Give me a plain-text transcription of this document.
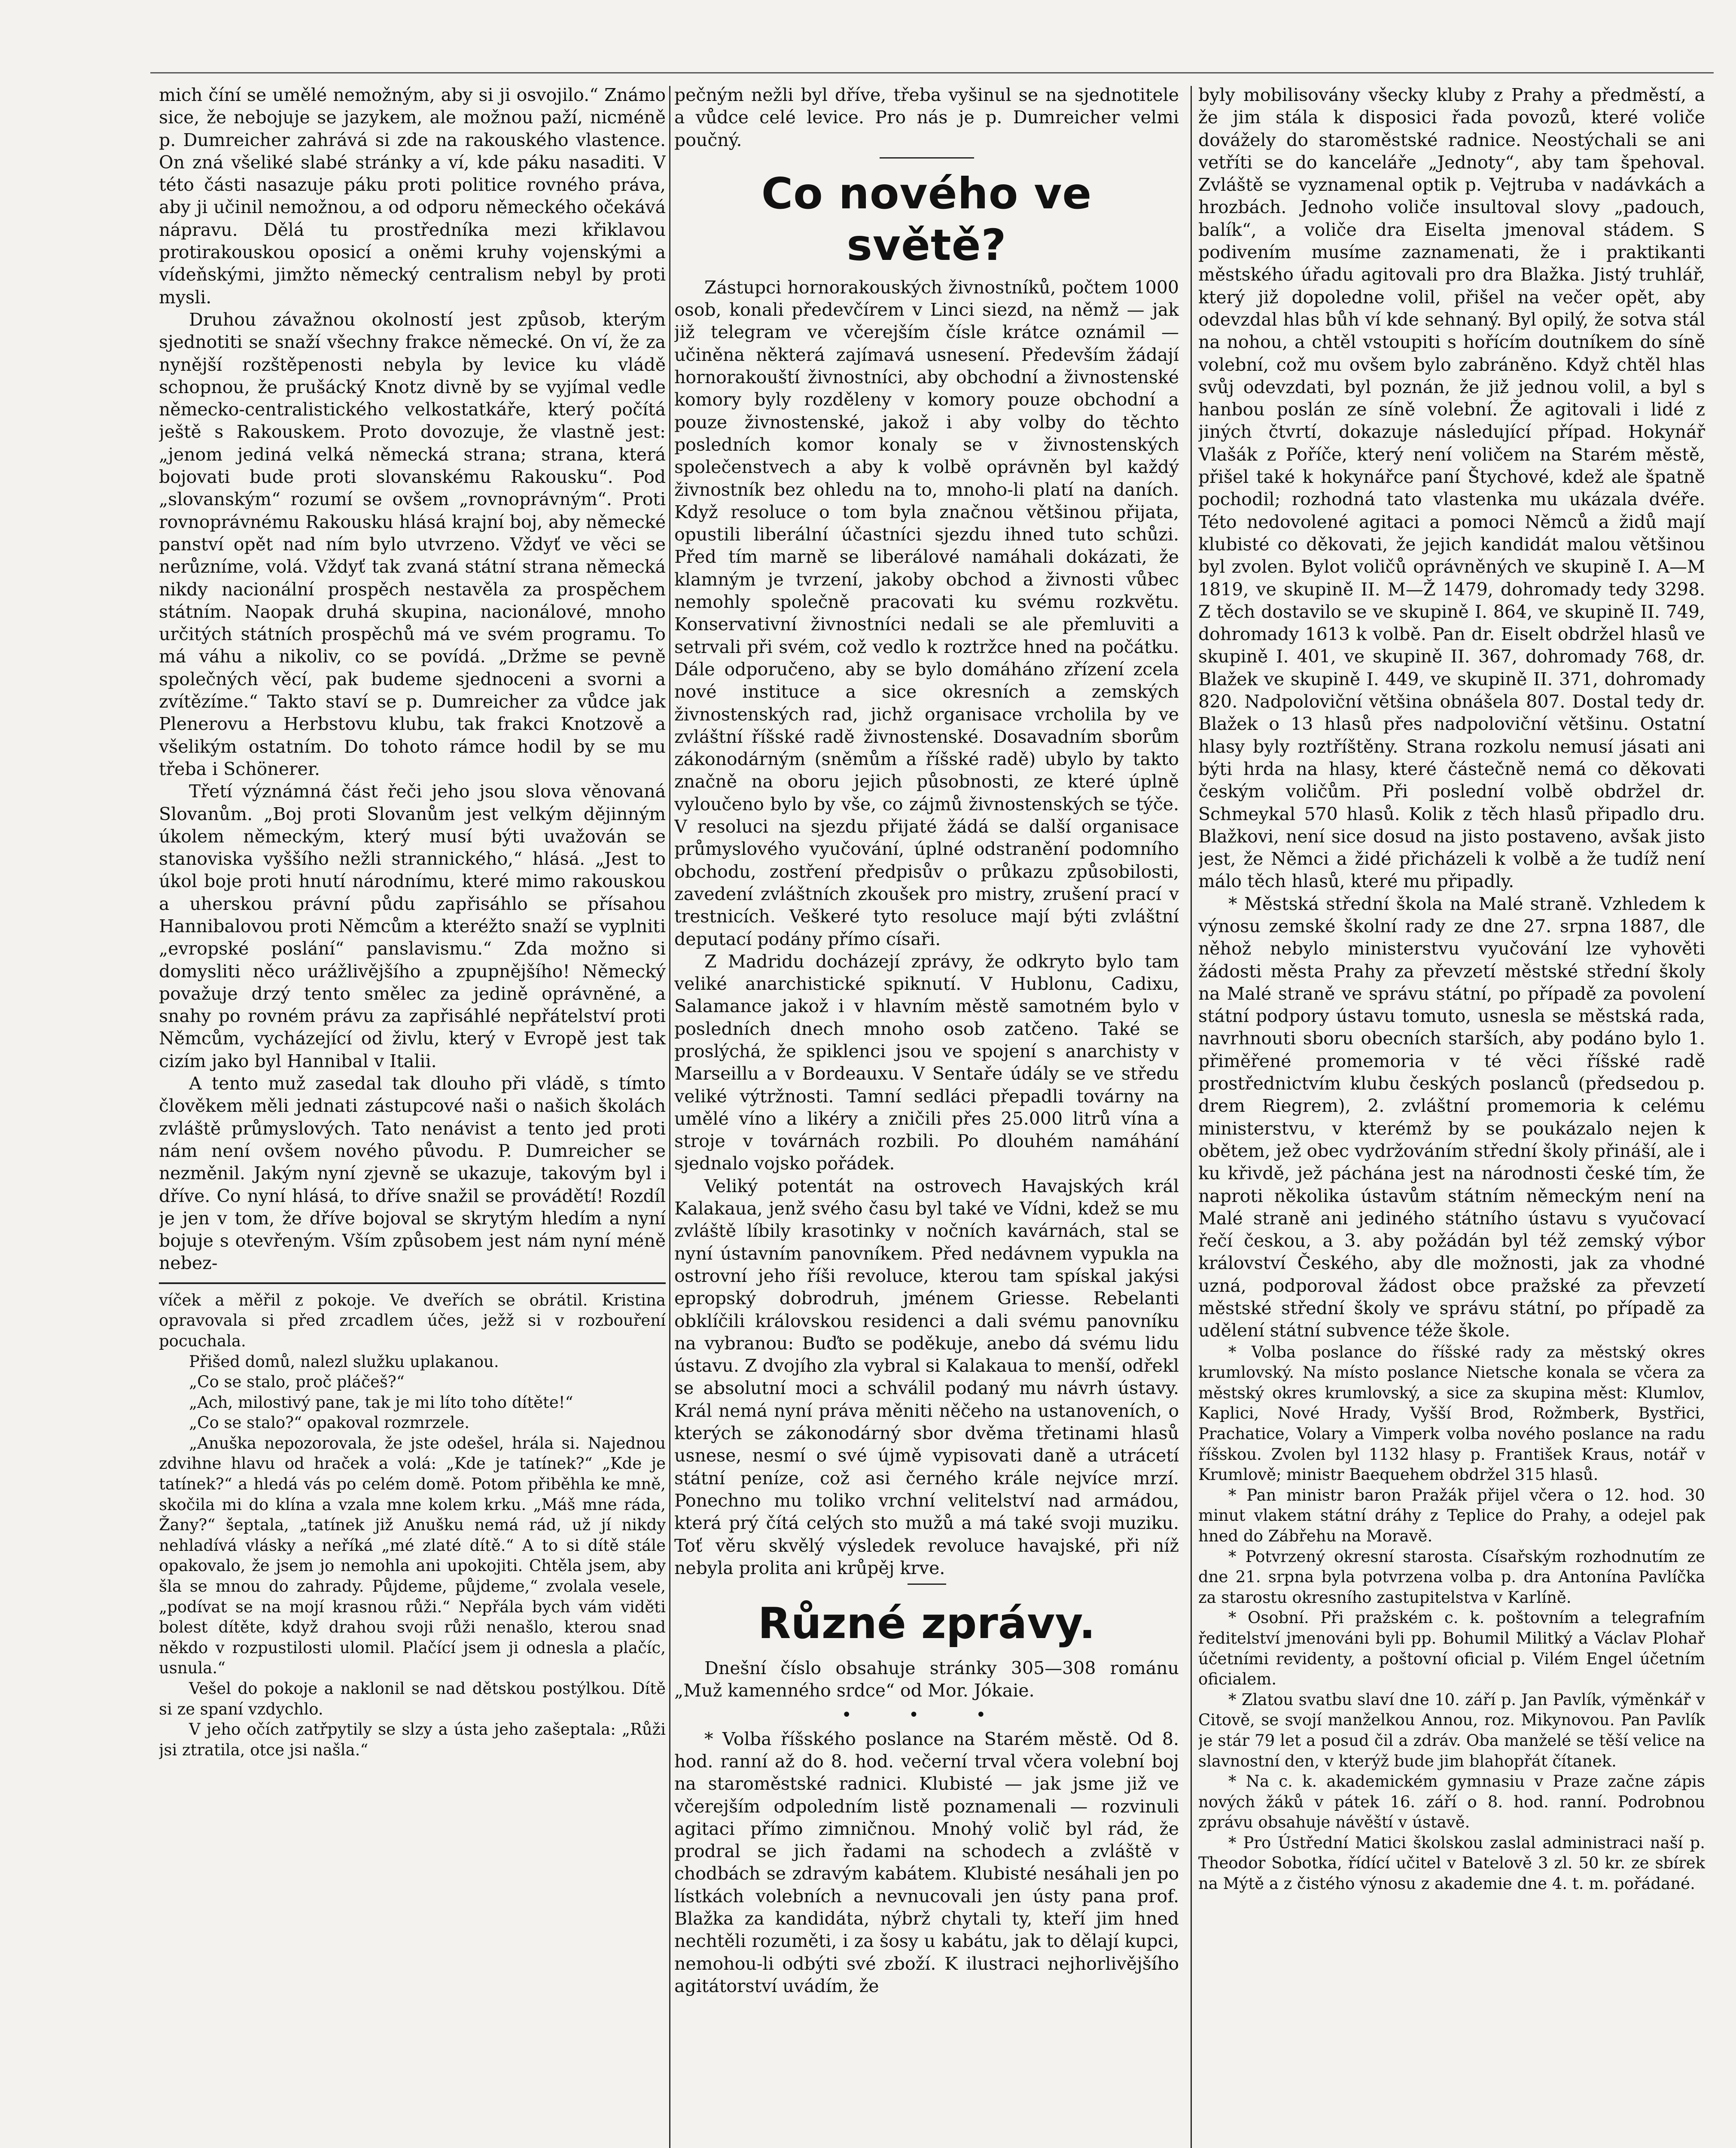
mich číní se umělé nemožným, aby si ji osvojilo.“ Známo sice, že nebojuje se jazykem, ale možnou paží, nicméně p. Dumreicher zahrává si zde na rakouského vlastence. On zná všeliké slabé stránky a ví, kde páku nasaditi. V této části nasazuje páku proti politice rovného práva, aby ji učinil nemožnou, a od odporu německého očekává nápravu. Dělá tu prostředníka mezi křiklavou protirakouskou oposicí a oněmi kruhy vojenskými a vídeňskými, jimžto německý centralism nebyl by proti mysli.

Druhou závažnou okolností jest způsob, kterým sjednotiti se snaží všechny frakce německé. On ví, že za nynější rozštěpenosti nebyla by levice ku vládě schopnou, že prušácký Knotz divně by se vyjímal vedle německo-centralistického velkostatkáře, který počítá ještě s Rakouskem. Proto dovozuje, že vlastně jest: „jenom jediná velká německá strana; strana, která bojovati bude proti slovanskému Rakousku“. Pod „slovanským“ rozumí se ovšem „rovnoprávným“. Proti rovnoprávnému Rakousku hlásá krajní boj, aby německé panství opět nad ním bylo utvrzeno. Vždyť ve věci se nerůzníme, volá. Vždyť tak zvaná státní strana německá nikdy nacionální prospěch nestavěla za prospěchem státním. Naopak druhá skupina, nacionálové, mnoho určitých státních prospěchů má ve svém programu. To má váhu a nikoliv, co se povídá. „Držme se pevně společných věcí, pak budeme sjednoceni a svorni a zvítězíme.“ Takto staví se p. Dumreicher za vůdce jak Plenerovu a Herbstovu klubu, tak frakci Knotzově a všelikým ostatním. Do tohoto rámce hodil by se mu třeba i Schönerer.

Třetí význámná část řeči jeho jsou slova věnovaná Slovanům. „Boj proti Slovanům jest velkým dějinným úkolem německým, který musí býti uvažován se stanoviska vyššího nežli strannického,“ hlásá. „Jest to úkol boje proti hnutí národnímu, které mimo rakouskou a uherskou právní půdu zapřisáhlo se přísahou Hannibalovou proti Němcům a kteréžto snaží se vyplniti „evropské poslání“ panslavismu.“ Zda možno si domysliti něco urážlivějšího a zpupnějšího! Německý považuje drzý tento směleс za jedině oprávněné, a snahy po rovném právu za zapřisáhlé nepřátelství proti Němcům, vycházející od živlu, který v Evropě jest tak cizím jako byl Hannibal v Italii.

A tento muž zasedal tak dlouho při vládě, s tímto člověkem měli jednati zástupcové naši o našich školách zvláště průmyslových. Tato nenávist a tento jed proti nám není ovšem nového původu. P. Dumreicher se nezměnil. Jakým nyní zjevně se ukazuje, takovým byl i dříve. Co nyní hlásá, to dříve snažil se provádětí! Rozdíl je jen v tom, že dříve bojoval se skrytým hledím a nyní bojuje s otevřeným. Vším způsobem jest nám nyní méně nebez-

víček a měřil z pokoje. Ve dveřích se obrátil. Kristina opravovala si před zrcadlem účes, ježž si v rozbouření pocuchala.

Přišed domů, nalezl služku uplakanou.

„Co se stalo, proč pláčeš?“

„Ach, milostivý pane, tak je mi líto toho dítěte!“

„Co se stalo?“ opakoval rozmrzele.

„Anuška nepozorovala, že jste odešel, hrála si. Najednou zdvihne hlavu od hraček a volá: „Kde je tatínek?“ „Kde je tatínek?“ a hledá vás po celém domě. Potom přiběhla ke mně, skočila mi do klína a vzala mne kolem krku. „Máš mne ráda, Žany?“ šeptala, „tatínek již Anušku nemá rád, už jí nikdy nehladívá vlásky a neříká „mé zlaté dítě.“ A to si dítě stále opakovalo, že jsem jo nemohla ani upokojiti. Chtěla jsem, aby šla se mnou do zahrady. Půjdeme, půjdeme,“ zvolala vesele, „podívat se na mojí krasnou růži.“ Nepřála bych vám viděti bolest dítěte, když drahou svoji růži nenašlo, kterou snad někdo v rozpustilosti ulomil. Plačící jsem ji odnesla a plačíc, usnula.“

Vešel do pokoje a naklonil se nad dětskou postýlkou. Dítě si ze spaní vzdychlo.

V jeho očích zatřpytily se slzy a ústa jeho zašeptala: „Růži jsi ztratila, otce jsi našla.“

pečným nežli byl dříve, třeba vyšinul se na sjednotitele a vůdce celé levice. Pro nás je p. Dumreicher velmi poučný.

Co nového ve světě?

Zástupci hornorakouských živnostníků, počtem 1000 osob, konali předevčírem v Linci siezd, na němž — jak již telegram ve včerejším čísle krátce oznámil — učiněna některá zajímavá usnesení. Především žádají hornorakouští živnostníci, aby obchodní a živnostenské komory byly rozděleny v komory pouze obchodní a pouze živnostenské, jakož i aby volby do těchto posledních komor konaly se v živnostenských společenstvech a aby k volbě oprávněn byl každý živnostník bez ohledu na to, mnoho-li platí na daních. Když resoluce o tom byla značnou většinou přijata, opustili liberální účastníci sjezdu ihned tuto schůzi. Před tím marně se liberálové namáhali dokázati, že klamným je tvrzení, jakoby obchod a živnosti vůbec nemohly společně pracovati ku svému rozkvětu. Konservativní živnostníci nedali se ale přemluviti a setrvali při svém, což vedlo k roztržce hned na počátku. Dále odporučeno, aby se bylo domáháno zřízení zcela nové instituce a sice okresních a zemských živnostenských rad, jichž organisace vrcholila by ve zvláštní říšské radě živnostenské. Dosavadním sborům zákonodárným (sněmům a říšské radě) ubylo by takto značně na oboru jejich působnosti, ze které úplně vyloučeno bylo by vše, co zájmů živnostenských se týče. V resoluci na sjezdu přijaté žádá se další organisace průmyslového vyučování, úplné odstranění podomního obchodu, zostření předpisův o průkazu způsobilosti, zavedení zvláštních zkoušek pro mistry, zrušení prací v trestnicích. Veškeré tyto resoluce mají býti zvláštní deputací podány přímo císaři.

Z Madridu docházejí zprávy, že odkryto bylo tam veliké anarchistické spiknutí. V Hublonu, Cadixu, Salamance jakož i v hlavním městě samotném bylo v posledních dnech mnoho osob zatčeno. Také se proslýchá, že spiklenci jsou ve spojení s anarchisty v Marseillu a v Bordeauxu. V Sentaře údály se ve středu veliké výtržnosti. Tamní sedláci přepadli továrny na umělé víno a likéry a zničili přes 25.000 litrů vína a stroje v továrnách rozbili. Po dlouhém namáhání sjednalo vojsko pořádek.

Veliký potentát na ostrovech Havajských král Kalakaua, jenž svého času byl také ve Vídni, kdež se mu zvláště líbily krasotinky v nočních kavárnách, stal se nyní ústavním panovníkem. Před nedávnem vypukla na ostrovní jeho říši revoluce, kterou tam spískal jakýsi epropský dobrodruh, jménem Griesse. Rebelanti obklíčili královskou residenci a dali svému panovníku na vybranou: Buďto se poděkuje, anebo dá svému lidu ústavu. Z dvojího zla vybral si Kalakaua to menší, odřekl se absolutní moci a schválil podaný mu návrh ústavy. Král nemá nyní práva měniti něčeho na ustanoveních, o kterých se zákonodárný sbor dvěma třetinami hlasů usnese, nesmí o své újmě vypisovati daně a utrácetí státní peníze, což asi černého krále nejvíce mrzí. Ponechno mu toliko vrchní velitelství nad armádou, která prý čítá celých sto mužů a má také svoji muziku. Toť věru skvělý výsledek revoluce havajské, při níž nebyla prolita ani krůpěj krve.

Různé zprávy.

Dnešní číslo obsahuje stránky 305—308 románu „Muž kamenného srdce“ od Mor. Jókaie.

• • •

* Volba říšského poslance na Starém městě. Od 8. hod. ranní až do 8. hod. večerní trval včera volební boj na staroměstské radnici. Klubisté — jak jsme již ve včerejším odpoledním listě poznamenali — rozvinuli agitaci přímo zimničnou. Mnohý volič byl rád, že prodral se jich řadami na schodech a zvláště v chodbách se zdravým kabátem. Klubisté nesáhali jen po lístkách volebních a nevnucovali jen ústy pana prof. Blažka za kandidáta, nýbrž chytali ty, kteří jim hned nechtěli rozuměti, i za šosy u kabátu, jak to dělají kupci, nemohou-li odbýti své zboží. K ilustraci nejhorlivějšího agitátorství uvádím, že

byly mobilisovány všecky kluby z Prahy a předměstí, a že jim stála k disposici řada povozů, které voliče dovážely do staroměstské radnice. Neostýchali se ani vetříti se do kanceláře „Jednoty“, aby tam špehoval. Zvláště se vyznamenal optik p. Vejtruba v nadávkách a hrozbách. Jednoho voliče insultoval slovy „padouch, balík“, a voliče dra Eiselta jmenoval stádem. S podivením musíme zaznamenati, že i praktikanti městského úřadu agitovali pro dra Blažka. Jistý truhlář, který již dopoledne volil, přišel na večer opět, aby odevzdal hlas bůh ví kde sehnaný. Byl opilý, že sotva stál na nohou, a chtěl vstoupiti s hořícím doutníkem do síně volební, což mu ovšem bylo zabráněno. Když chtěl hlas svůj odevzdati, byl poznán, že již jednou volil, a byl s hanbou poslán ze síně volební. Že agitovali i lidé z jiných čtvrtí, dokazuje následující případ. Hokynář Vlašák z Poříče, který není voličem na Starém městě, přišel také k hokynářce paní Štychové, kdež ale špatně pochodil; rozhodná tato vlastenka mu ukázala dvéře. Této nedovolené agitaci a pomoci Němců a židů mají klubisté co děkovati, že jejich kandidát malou většinou byl zvolen. Bylot voličů oprávněných ve skupině I. A—M 1819, ve skupině II. M—Ž 1479, dohromady tedy 3298. Z těch dostavilo se ve skupině I. 864, ve skupině II. 749, dohromady 1613 k volbě. Pan dr. Eiselt obdržel hlasů ve skupině I. 401, ve skupině II. 367, dohromady 768, dr. Blažek ve skupině I. 449, ve skupině II. 371, dohromady 820. Nadpoloviční většina obnášela 807. Dostal tedy dr. Blažek o 13 hlasů přes nadpoloviční většinu. Ostatní hlasy byly roztříštěny. Strana rozkolu nemusí jásati ani býti hrda na hlasy, které částečně nemá co děkovati českým voličům. Při poslední volbě obdržel dr. Schmeykal 570 hlasů. Kolik z těch hlasů připadlo dru. Blažkovi, není sice dosud na jisto postaveno, avšak jisto jest, že Němci a židé přicházeli k volbě a že tudíž není málo těch hlasů, které mu připadly.

* Městská střední škola na Malé straně. Vzhledem k výnosu zemské školní rady ze dne 27. srpna 1887, dle něhož nebylo ministerstvu vyučování lze vyhověti žádosti města Prahy za převzetí městské střední školy na Malé straně ve správu státní, po případě za povolení státní podpory ústavu tomuto, usnesla se městská rada, navrhnouti sboru obecních starších, aby podáno bylo 1. přiměřené promemoria v té věci říšské radě prostřednictvím klubu českých poslanců (předsedou p. drem Riegrem), 2. zvláštní promemoria k celému ministerstvu, v kterémž by se poukázalo nejen k obětem, jež obec vydržováním střední školy přináší, ale i ku křivdě, jež páchána jest na národnosti české tím, že naproti několika ústavům státním německým není na Malé straně ani jediného státního ústavu s vyučovací řečí českou, a 3. aby požádán byl též zemský výbor království Českého, aby dle možnosti, jak za vhodné uzná, podporoval žádost obce pražské za převzetí městské střední školy ve správu státní, po případě za udělení státní subvence téže škole.

* Volba poslance do říšské rady za městský okres krumlovský. Na místo poslance Nietsche konala se včera za městský okres krumlovský, a sice za skupina měst: Klumlov, Kaplici, Nové Hrady, Vyšší Brod, Rožmberk, Bystřici, Prachatice, Volary a Vimperk volba nového poslance na radu říšskou. Zvolen byl 1132 hlasy p. František Kraus, notář v Krumlově; ministr Baequehem obdržel 315 hlasů.

* Pan ministr baron Pražák přijel včera o 12. hod. 30 minut vlakem státní dráhy z Teplice do Prahy, a odejel pak hned do Zábřehu na Moravě.

* Potvrzený okresní starosta. Císařským rozhodnutím ze dne 21. srpna byla potvrzena volba p. dra Antonína Pavlíčka za starostu okresního zastupitelstva v Karlíně.

* Osobní. Při pražském c. k. poštovním a telegrafním ředitelství jmenováni byli pp. Bohumil Militký a Václav Plohař účetními revidenty, a poštovní oficial p. Vilém Engel účetním oficialem.

* Zlatou svatbu slaví dne 10. září p. Jan Pavlík, výměnkář v Citově, se svojí manželkou Annou, roz. Mikynovou. Pan Pavlík je stár 79 let a posud čil a zdráv. Oba manželé se těší velice na slavnostní den, v kterýž bude jim blahopřát čítanek.

* Na c. k. akademickém gymnasiu v Praze začne zápis nových žáků v pátek 16. září o 8. hod. ranní. Podrobnou zprávu obsahuje návěští v ústavě.

* Pro Ústřední Matici školskou zaslal administraci naší p. Theodor Sobotka, řídící učitel v Batelově 3 zl. 50 kr. ze sbírek na Mýtě a z čistého výnosu z akademie dne 4. t. m. pořádané.
